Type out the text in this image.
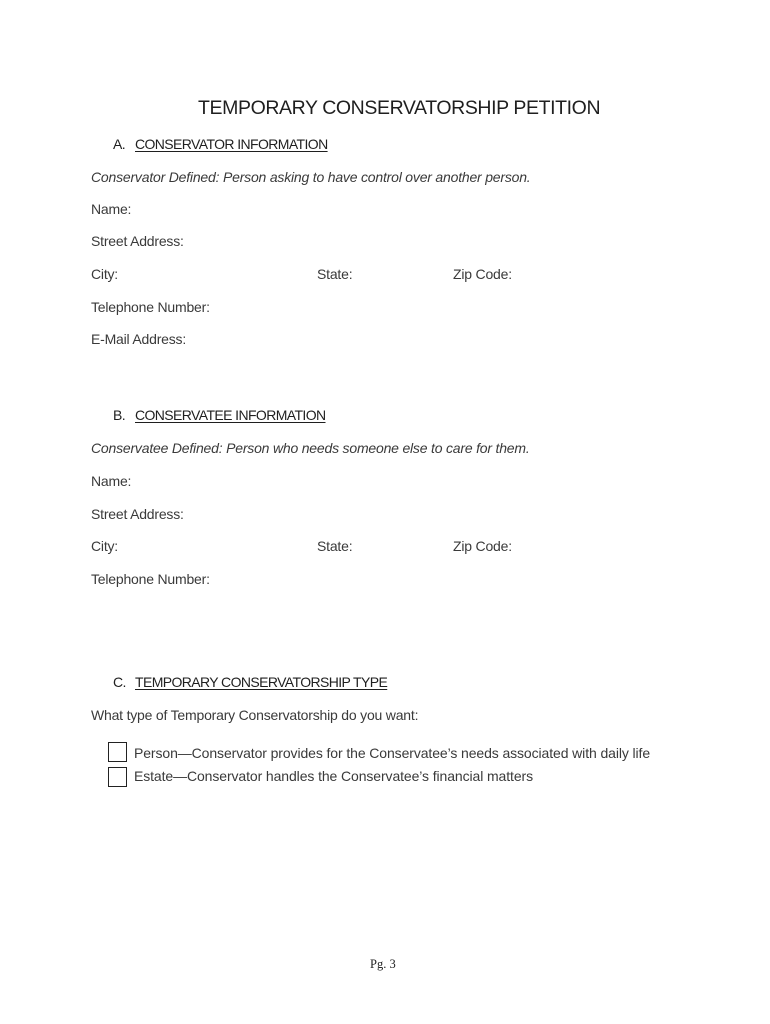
TEMPORARY CONSERVATORSHIP PETITION
A. CONSERVATOR INFORMATION
Conservator Defined: Person asking to have control over another person.
Name:
Street Address:
City:	State:	Zip Code:
Telephone Number:
E-Mail Address:
B. CONSERVATEE INFORMATION
Conservatee Defined: Person who needs someone else to care for them.
Name:
Street Address:
City:	State:	Zip Code:
Telephone Number:
C. TEMPORARY CONSERVATORSHIP TYPE
What type of Temporary Conservatorship do you want:
Person—Conservator provides for the Conservatee’s needs associated with daily life
Estate—Conservator handles the Conservatee’s financial matters
Pg. 3
